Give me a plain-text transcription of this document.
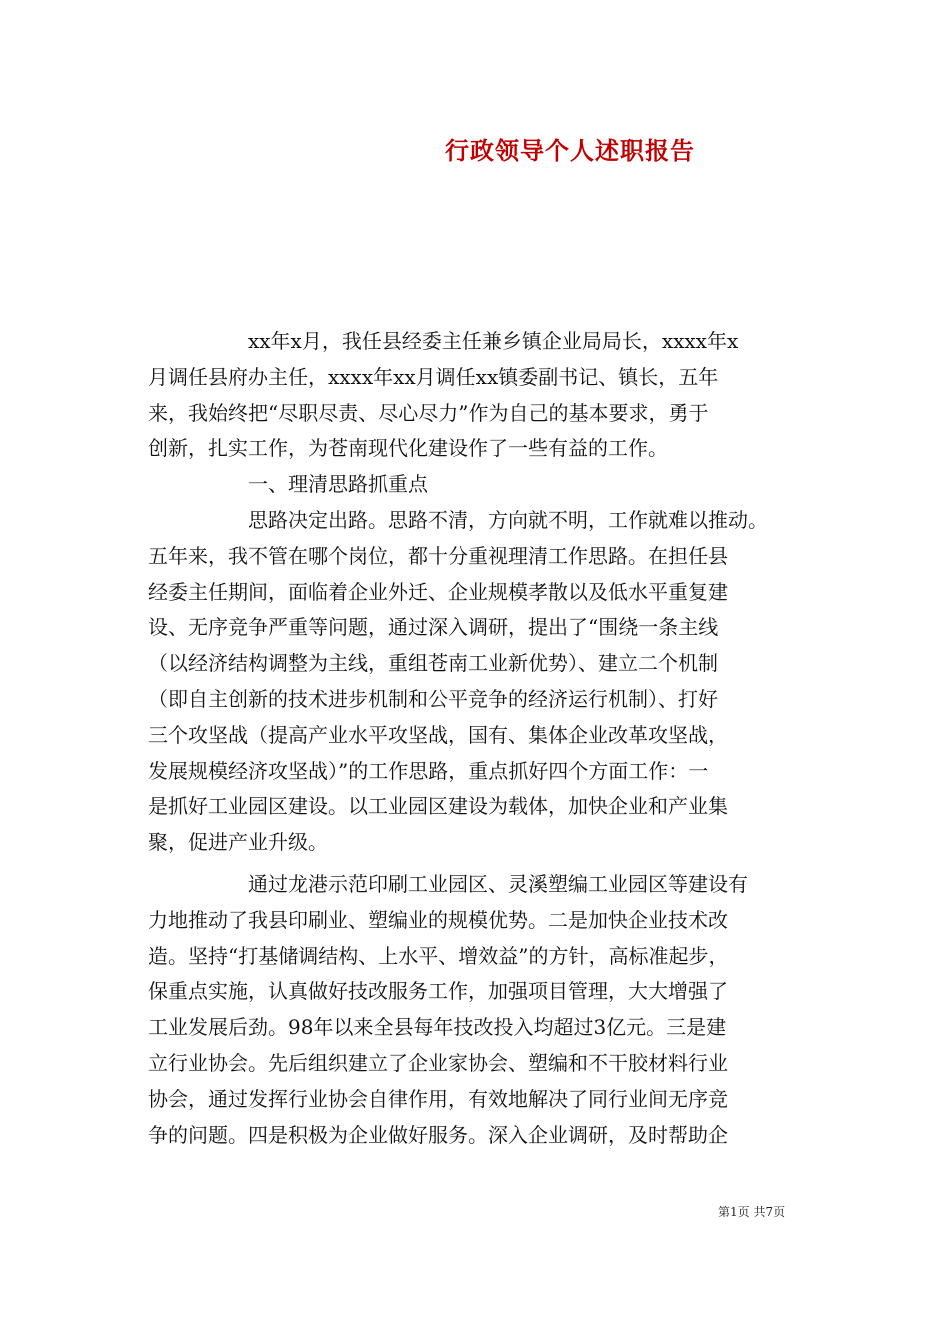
行政领导个人述职报告
　　　　　xx年x月，我任县经委主任兼乡镇企业局局长，xxxx年x
月调任县府办主任，xxxx年xx月调任xx镇委副书记、镇长，五年
来，我始终把“尽职尽责、尽心尽力”作为自己的基本要求，勇于
创新，扎实工作，为苍南现代化建设作了一些有益的工作。
　　　　　一、理清思路抓重点
　　　　　思路决定出路。思路不清，方向就不明，工作就难以推动。
五年来，我不管在哪个岗位，都十分重视理清工作思路。在担任县
经委主任期间，面临着企业外迁、企业规模孝散以及低水平重复建
设、无序竞争严重等问题，通过深入调研，提出了“围绕一条主线
（以经济结构调整为主线，重组苍南工业新优势）、建立二个机制
（即自主创新的技术进步机制和公平竞争的经济运行机制）、打好
三个攻坚战（提高产业水平攻坚战，国有、集体企业改革攻坚战，
发展规模经济攻坚战）”的工作思路，重点抓好四个方面工作：一
是抓好工业园区建设。以工业园区建设为载体，加快企业和产业集
聚，促进产业升级。
　　　　　通过龙港示范印刷工业园区、灵溪塑编工业园区等建设有
力地推动了我县印刷业、塑编业的规模优势。二是加快企业技术改
造。坚持“打基储调结构、上水平、增效益”的方针，高标准起步，
保重点实施，认真做好技改服务工作，加强项目管理，大大增强了
工业发展后劲。98年以来全县每年技改投入均超过3亿元。三是建
立行业协会。先后组织建立了企业家协会、塑编和不干胶材料行业
协会，通过发挥行业协会自律作用，有效地解决了同行业间无序竞
争的问题。四是积极为企业做好服务。深入企业调研，及时帮助企
第1页 共7页
